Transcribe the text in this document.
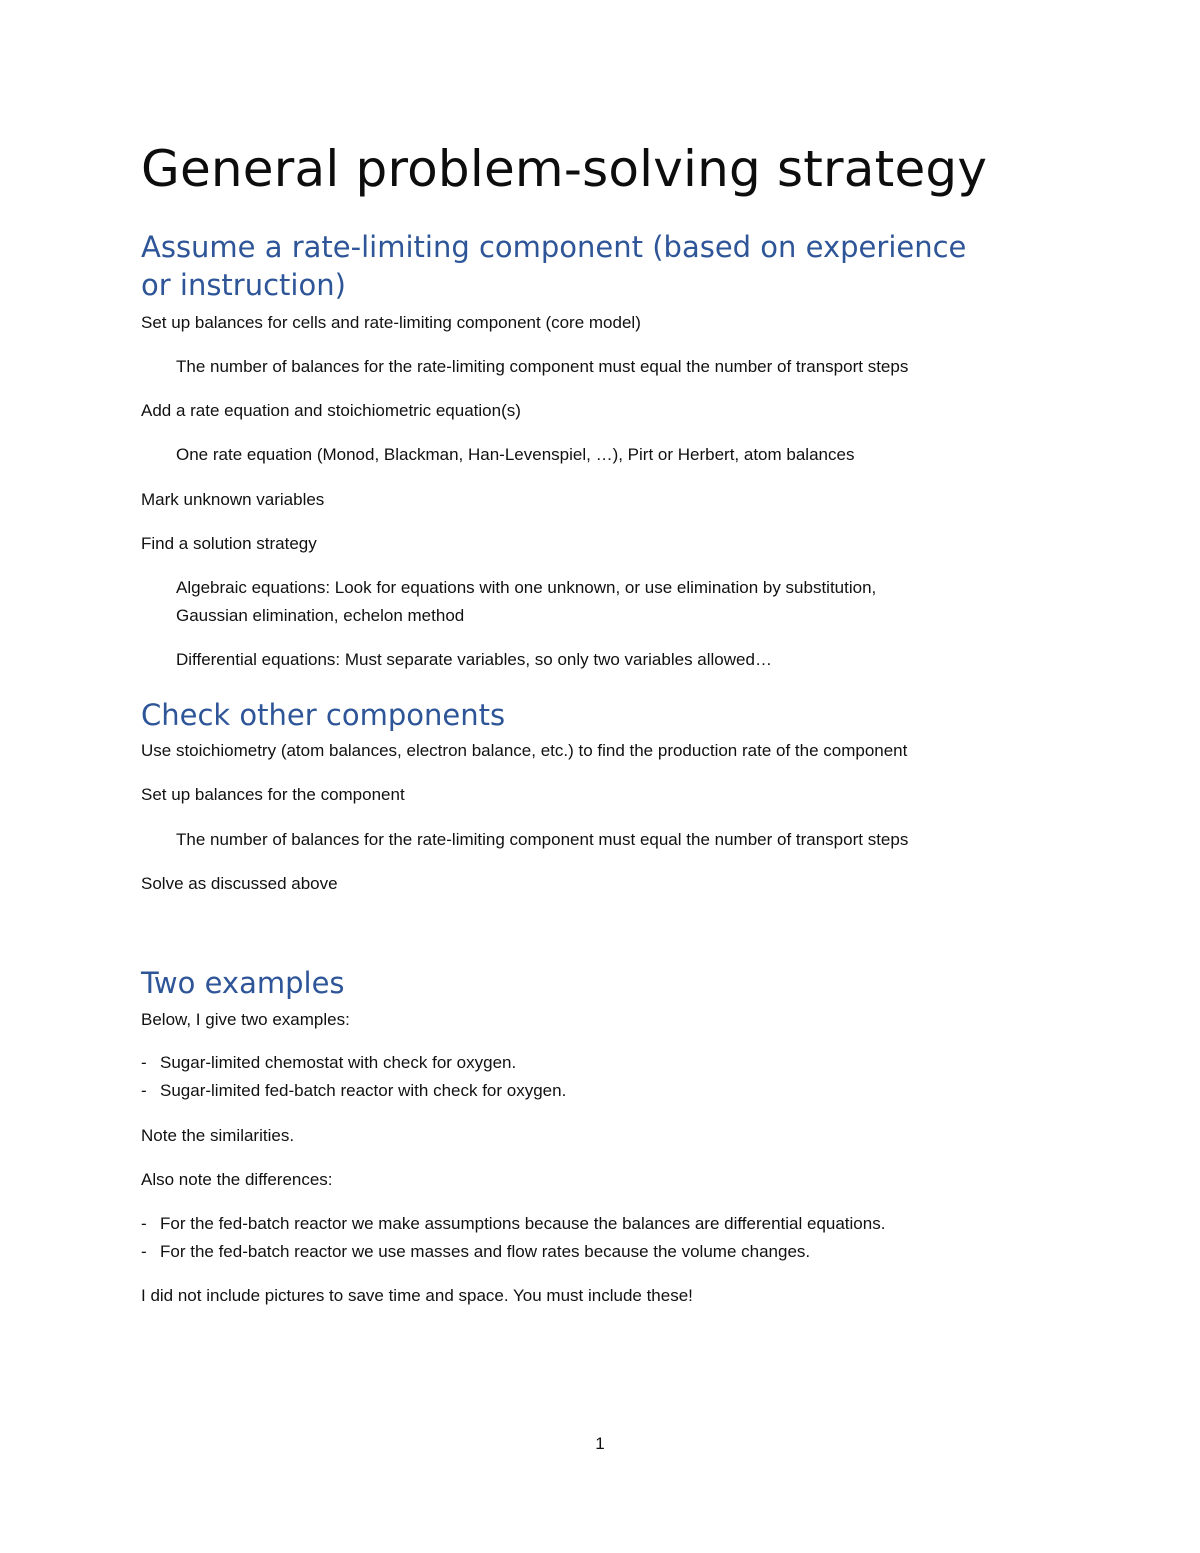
General problem-solving strategy
Assume a rate-limiting component (based on experience
or instruction)

Set up balances for cells and rate-limiting component (core model)

The number of balances for the rate-limiting component must equal the number of transport steps

Add a rate equation and stoichiometric equation(s)

One rate equation (Monod, Blackman, Han-Levenspiel, …), Pirt or Herbert, atom balances

Mark unknown variables

Find a solution strategy

Algebraic equations: Look for equations with one unknown, or use elimination by substitution,
Gaussian elimination, echelon method

Differential equations: Must separate variables, so only two variables allowed…

Check other components

Use stoichiometry (atom balances, electron balance, etc.) to find the production rate of the component

Set up balances for the component

The number of balances for the rate-limiting component must equal the number of transport steps

Solve as discussed above

Two examples

Below, I give two examples:

- Sugar-limited chemostat with check for oxygen.
- Sugar-limited fed-batch reactor with check for oxygen.

Note the similarities.

Also note the differences:

- For the fed-batch reactor we make assumptions because the balances are differential equations.
- For the fed-batch reactor we use masses and flow rates because the volume changes.

I did not include pictures to save time and space. You must include these!

1
